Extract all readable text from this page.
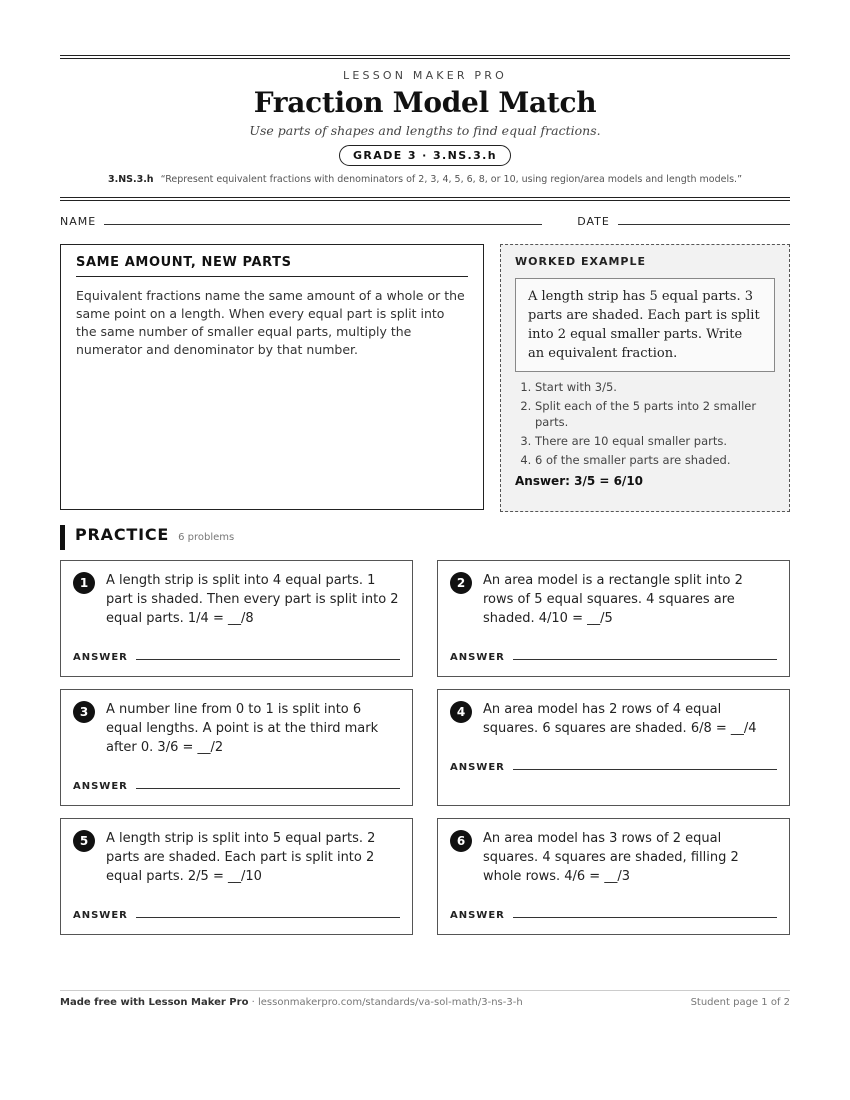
LESSON MAKER PRO
Fraction Model Match
Use parts of shapes and lengths to find equal fractions.
GRADE 3 · 3.NS.3.h
3.NS.3.h “Represent equivalent fractions with denominators of 2, 3, 4, 5, 6, 8, or 10, using region/area models and length models.”
NAME	DATE
SAME AMOUNT, NEW PARTS
Equivalent fractions name the same amount of a whole or the same point on a length. When every equal part is split into the same number of smaller equal parts, multiply the numerator and denominator by that number.
WORKED EXAMPLE
A length strip has 5 equal parts. 3 parts are shaded. Each part is split into 2 equal smaller parts. Write an equivalent fraction.
1. Start with 3/5.
2. Split each of the 5 parts into 2 smaller parts.
3. There are 10 equal smaller parts.
4. 6 of the smaller parts are shaded.
Answer: 3/5 = 6/10
PRACTICE 6 problems
1	A length strip is split into 4 equal parts. 1 part is shaded. Then every part is split into 2 equal parts. 1/4 = __/8
ANSWER
2	An area model is a rectangle split into 2 rows of 5 equal squares. 4 squares are shaded. 4/10 = __/5
ANSWER
3	A number line from 0 to 1 is split into 6 equal lengths. A point is at the third mark after 0. 3/6 = __/2
ANSWER
4	An area model has 2 rows of 4 equal squares. 6 squares are shaded. 6/8 = __/4
ANSWER
5	A length strip is split into 5 equal parts. 2 parts are shaded. Each part is split into 2 equal parts. 2/5 = __/10
ANSWER
6	An area model has 3 rows of 2 equal squares. 4 squares are shaded, filling 2 whole rows. 4/6 = __/3
ANSWER
Made free with Lesson Maker Pro · lessonmakerpro.com/standards/va-sol-math/3-ns-3-h	Student page 1 of 2
